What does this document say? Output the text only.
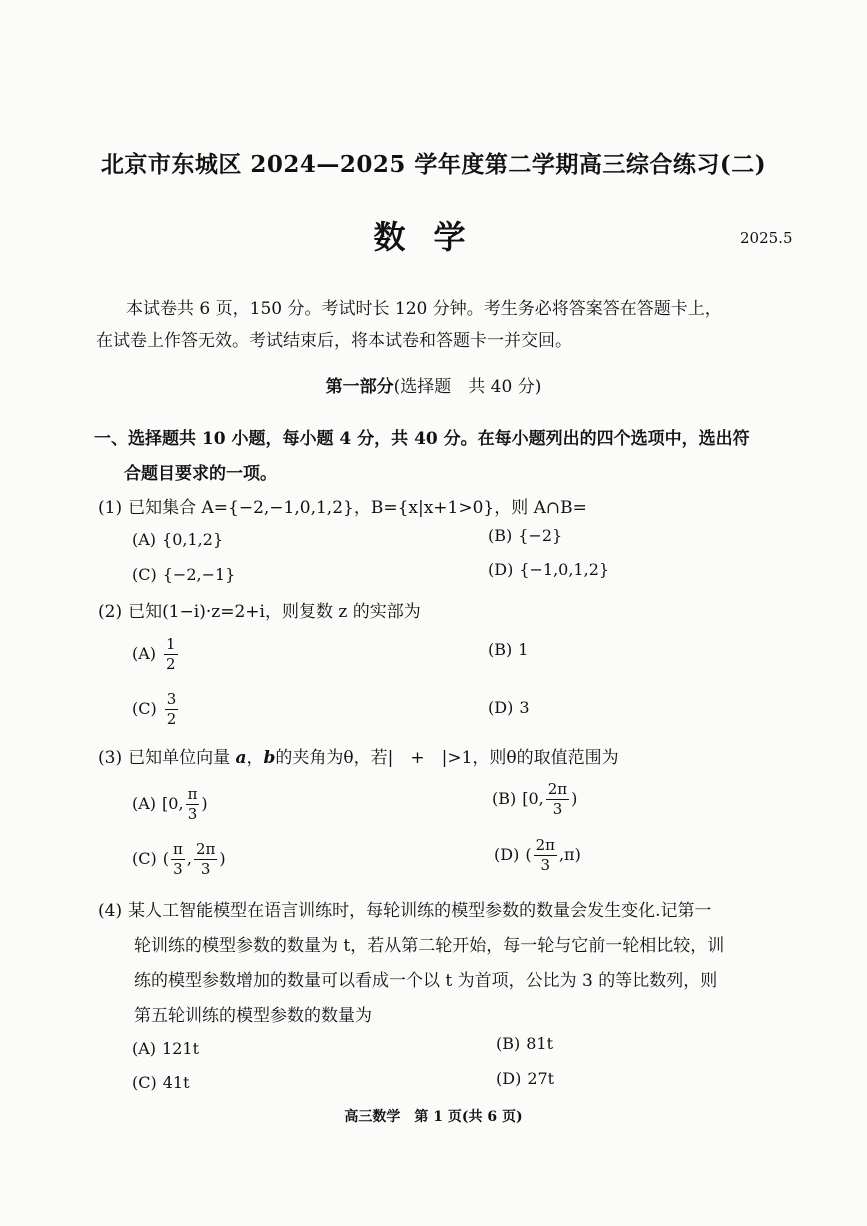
北京市东城区 2024—2025 学年度第二学期高三综合练习(二)
数学	2025.5
本试卷共 6 页，150 分。考试时长 120 分钟。考生务必将答案答在答题卡上，
在试卷上作答无效。考试结束后，将本试卷和答题卡一并交回。
第一部分(选择题　共 40 分)
一、选择题共 10 小题，每小题 4 分，共 40 分。在每小题列出的四个选项中，选出符
合题目要求的一项。
(1) 已知集合 A={−2,−1,0,1,2}，B={x|x+1>0}，则 A∩B=
(A) {0,1,2}	(B) {−2}
(C) {−2,−1}	(D) {−1,0,1,2}
(2) 已知(1−i)·z=2+i，则复数 z 的实部为
$(A) \frac{1}{2}$	(B) 1
$(C) \frac{3}{2}$	(D) 3
(3) 已知单位向量 a，b的夹角为θ，若|　+　|>1，则θ的取值范围为
(A) [0, $\frac{\pi}{3}$ )	(B) [0, $\frac{2\pi}{3}$ )
(C) ( $\frac{\pi}{3}$ , $\frac{2\pi}{3}$ )	(D) ( $\frac{2\pi}{3} ,\pi$)
(4) 某人工智能模型在语言训练时，每轮训练的模型参数的数量会发生变化.记第一
轮训练的模型参数的数量为 t，若从第二轮开始，每一轮与它前一轮相比较，训
练的模型参数增加的数量可以看成一个以 t 为首项，公比为 3 的等比数列，则
第五轮训练的模型参数的数量为
(A) 121t	(B) 81t
(C) 41t	(D) 27t
高三数学　第 1 页(共 6 页)
